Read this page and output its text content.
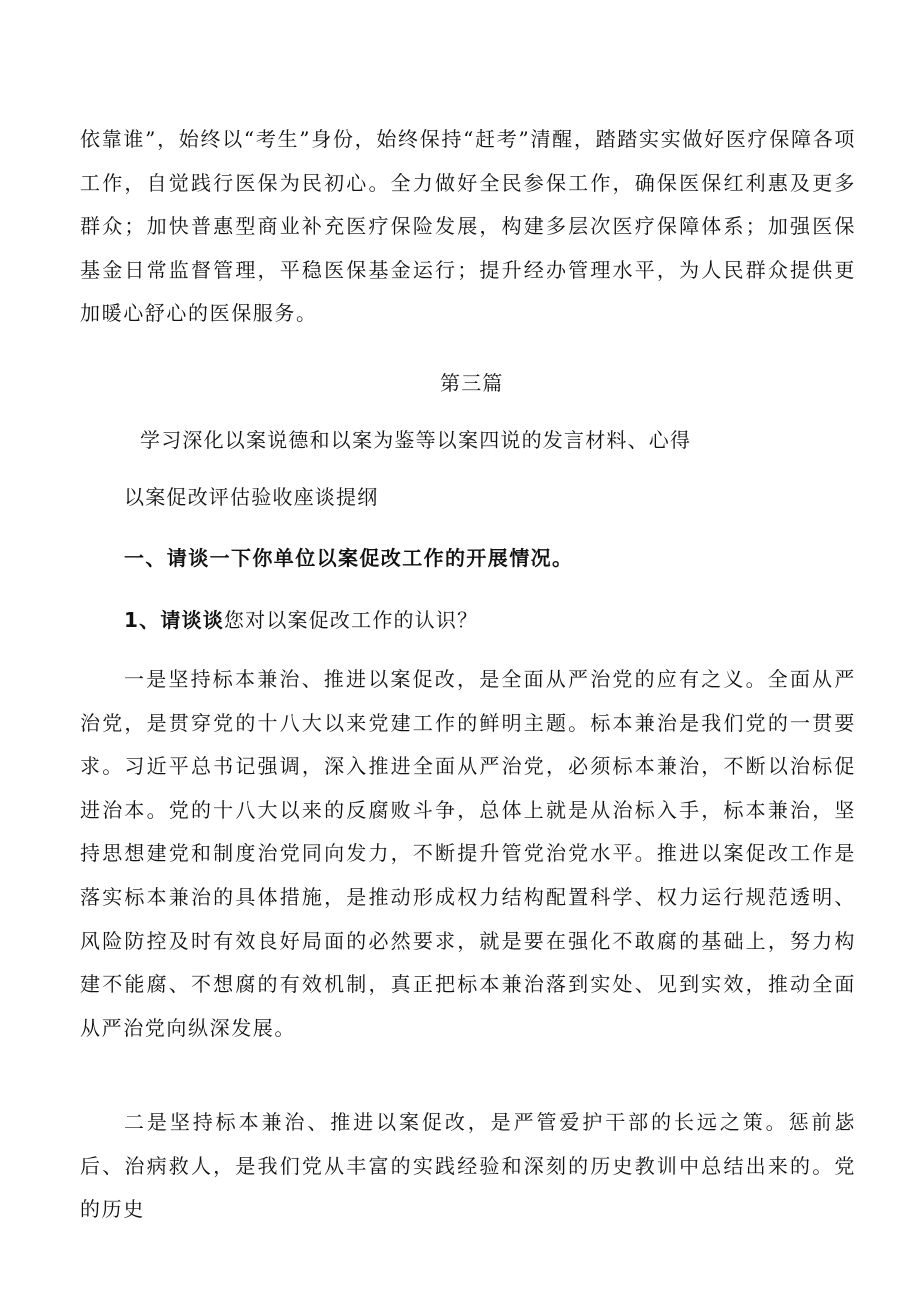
依靠谁”，始终以“考生”身份，始终保持“赶考”清醒，踏踏实实做好医疗保障各项工作，自觉践行医保为民初心。全力做好全民参保工作，确保医保红利惠及更多群众；加快普惠型商业补充医疗保险发展，构建多层次医疗保障体系；加强医保基金日常监督管理，平稳医保基金运行；提升经办管理水平，为人民群众提供更加暖心舒心的医保服务。

第三篇

学习深化以案说德和以案为鉴等以案四说的发言材料、心得

以案促改评估验收座谈提纲

一、请谈一下你单位以案促改工作的开展情况。

1、请谈谈您对以案促改工作的认识？

一是坚持标本兼治、推进以案促改，是全面从严治党的应有之义。全面从严治党，是贯穿党的十八大以来党建工作的鲜明主题。标本兼治是我们党的一贯要求。习近平总书记强调，深入推进全面从严治党，必须标本兼治，不断以治标促进治本。党的十八大以来的反腐败斗争，总体上就是从治标入手，标本兼治，坚持思想建党和制度治党同向发力，不断提升管党治党水平。推进以案促改工作是落实标本兼治的具体措施，是推动形成权力结构配置科学、权力运行规范透明、风险防控及时有效良好局面的必然要求，就是要在强化不敢腐的基础上，努力构建不能腐、不想腐的有效机制，真正把标本兼治落到实处、见到实效，推动全面从严治党向纵深发展。

二是坚持标本兼治、推进以案促改，是严管爱护干部的长远之策。惩前毖后、治病救人，是我们党从丰富的实践经验和深刻的历史教训中总结出来的。党的历史
